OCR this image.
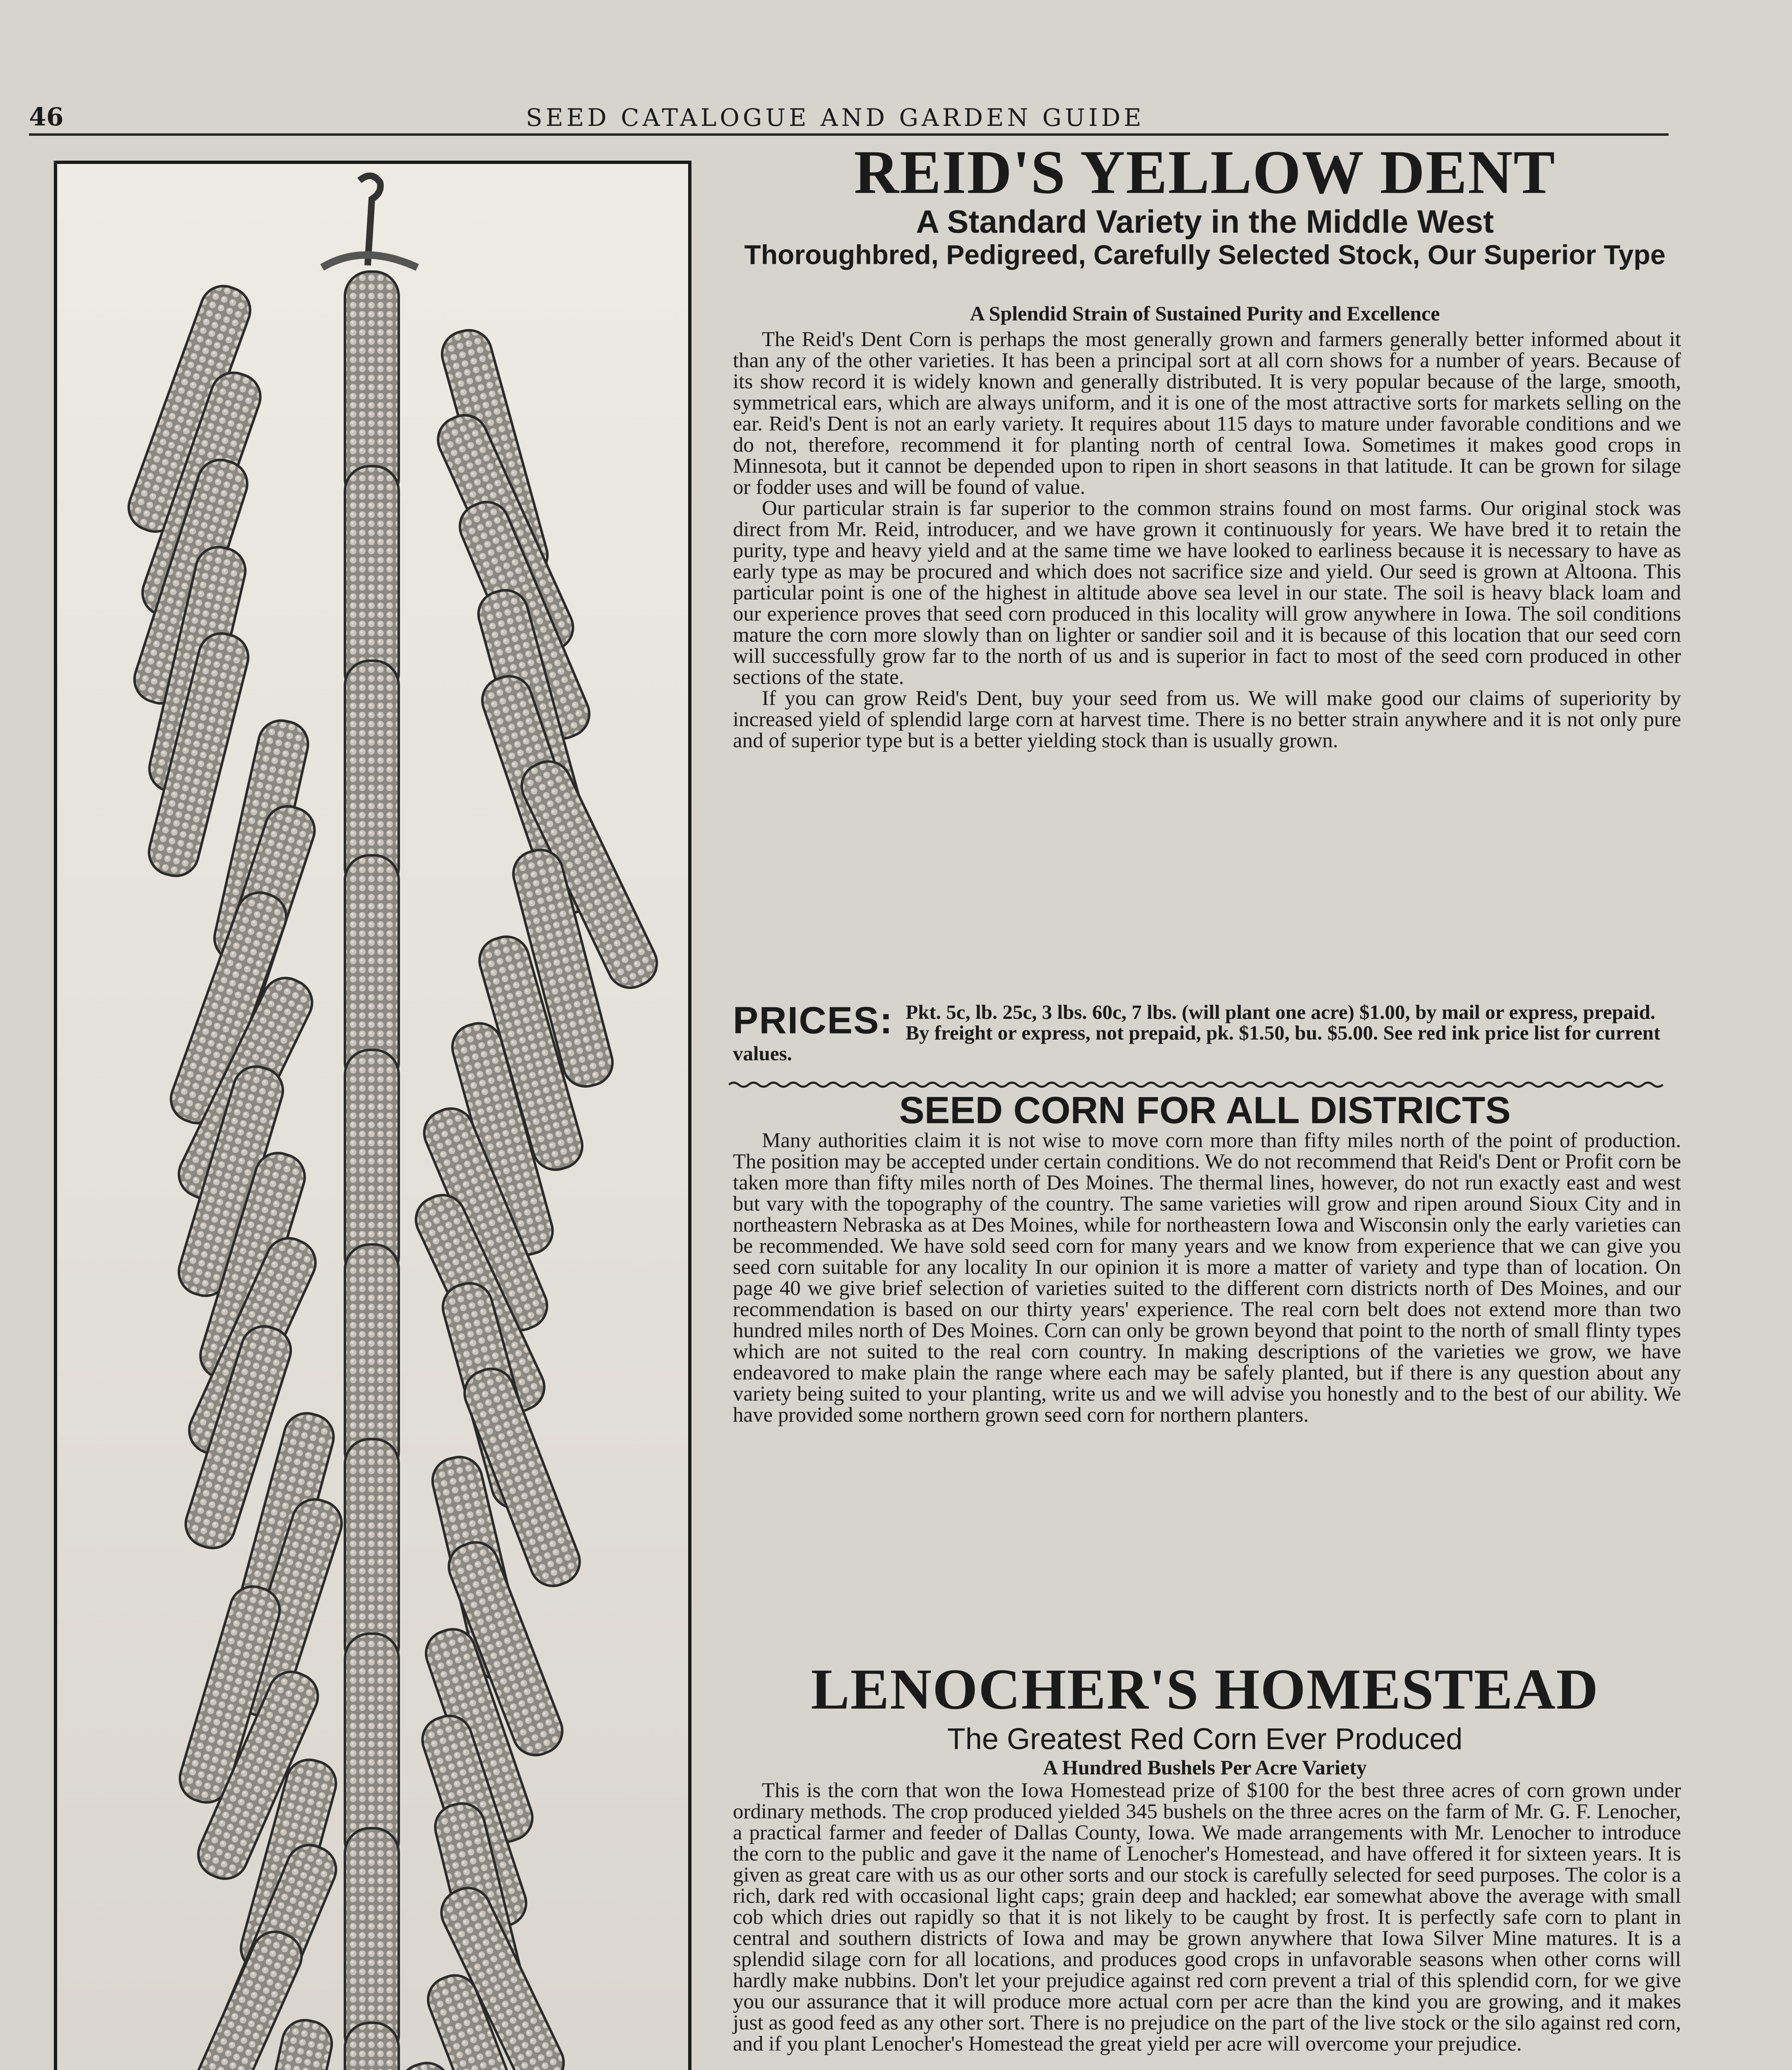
46	SEED CATALOGUE AND GARDEN GUIDE
REID'S YELLOW DENT
A Standard Variety in the Middle West
Thoroughbred, Pedigreed, Carefully Selected Stock, Our Superior Type
A Splendid Strain of Sustained Purity and Excellence

The Reid's Dent Corn is perhaps the most generally grown and farmers generally better informed about it than any of the other varieties. It has been a principal sort at all corn shows for a number of years. Because of its show record it is widely known and generally distributed. It is very popular because of the large, smooth, symmetrical ears, which are always uniform, and it is one of the most attractive sorts for markets selling on the ear. Reid's Dent is not an early variety. It requires about 115 days to mature under favorable conditions and we do not, therefore, recommend it for planting north of central Iowa. Sometimes it makes good crops in Minnesota, but it cannot be depended upon to ripen in short seasons in that latitude. It can be grown for silage or fodder uses and will be found of value.

Our particular strain is far superior to the common strains found on most farms. Our original stock was direct from Mr. Reid, introducer, and we have grown it continuously for years. We have bred it to retain the purity, type and heavy yield and at the same time we have looked to earliness because it is necessary to have as early type as may be procured and which does not sacrifice size and yield. Our seed is grown at Altoona. This particular point is one of the highest in altitude above sea level in our state. The soil is heavy black loam and our experience proves that seed corn produced in this locality will grow anywhere in Iowa. The soil conditions mature the corn more slowly than on lighter or sandier soil and it is because of this location that our seed corn will successfully grow far to the north of us and is superior in fact to most of the seed corn produced in other sections of the state.

If you can grow Reid's Dent, buy your seed from us. We will make good our claims of superiority by increased yield of splendid large corn at harvest time. There is no better strain anywhere and it is not only pure and of superior type but is a better yielding stock than is usually grown.

PRICES: Pkt. 5c, lb. 25c, 3 lbs. 60c, 7 lbs. (will plant one acre) $1.00, by mail or express, prepaid. By freight or express, not prepaid, pk. $1.50, bu. $5.00. See red ink price list for current values.
SEED CORN FOR ALL DISTRICTS

Many authorities claim it is not wise to move corn more than fifty miles north of the point of production. The position may be accepted under certain conditions. We do not recommend that Reid's Dent or Profit corn be taken more than fifty miles north of Des Moines. The thermal lines, however, do not run exactly east and west but vary with the topography of the country. The same varieties will grow and ripen around Sioux City and in northeastern Nebraska as at Des Moines, while for northeastern Iowa and Wisconsin only the early varieties can be recommended. We have sold seed corn for many years and we know from experience that we can give you seed corn suitable for any locality In our opinion it is more a matter of variety and type than of location. On page 40 we give brief selection of varieties suited to the different corn districts north of Des Moines, and our recommendation is based on our thirty years' experience. The real corn belt does not extend more than two hundred miles north of Des Moines. Corn can only be grown beyond that point to the north of small flinty types which are not suited to the real corn country. In making descriptions of the varieties we grow, we have endeavored to make plain the range where each may be safely planted, but if there is any question about any variety being suited to your planting, write us and we will advise you honestly and to the best of our ability. We have provided some northern grown seed corn for northern planters.

LENOCHER'S HOMESTEAD
The Greatest Red Corn Ever Produced
A Hundred Bushels Per Acre Variety

This is the corn that won the Iowa Homestead prize of $100 for the best three acres of corn grown under ordinary methods. The crop produced yielded 345 bushels on the three acres on the farm of Mr. G. F. Lenocher, a practical farmer and feeder of Dallas County, Iowa. We made arrangements with Mr. Lenocher to introduce the corn to the public and gave it the name of Lenocher's Homestead, and have offered it for sixteen years. It is given as great care with us as our other sorts and our stock is carefully selected for seed purposes. The color is a rich, dark red with occasional light caps; grain deep and hackled; ear somewhat above the average with small cob which dries out rapidly so that it is not likely to be caught by frost. It is perfectly safe corn to plant in central and southern districts of Iowa and may be grown anywhere that Iowa Silver Mine matures. It is a splendid silage corn for all locations, and produces good crops in unfavorable seasons when other corns will hardly make nubbins. Don't let your prejudice against red corn prevent a trial of this splendid corn, for we give you our assurance that it will produce more actual corn per acre than the kind you are growing, and it makes just as good feed as any other sort. There is no prejudice on the part of the live stock or the silo against red corn, and if you plant Lenocher's Homestead the great yield per acre will overcome your prejudice.
